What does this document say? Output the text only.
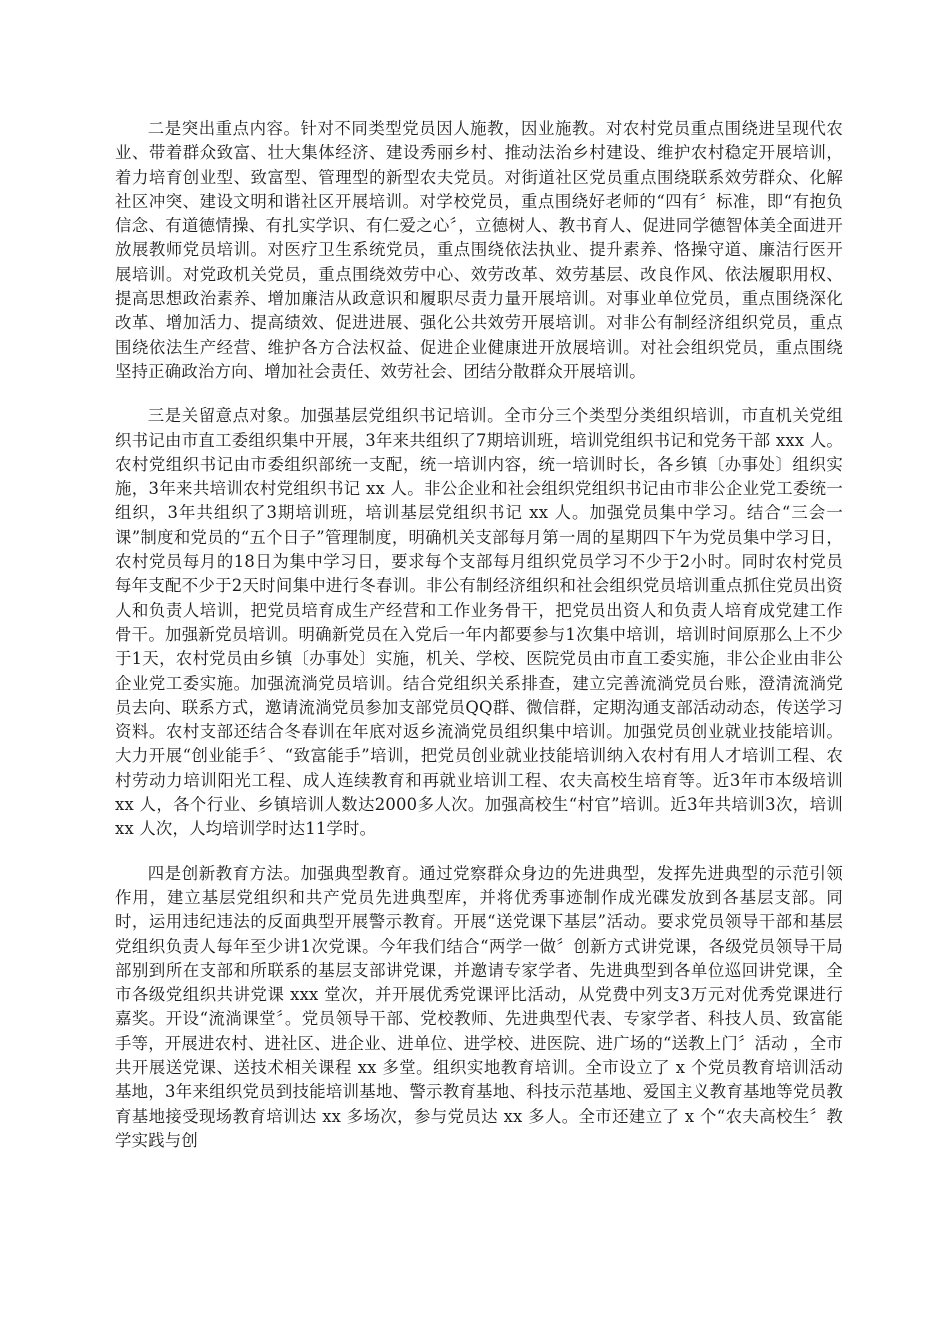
二是突出重点内容。针对不同类型党员因人施教，因业施教。对农村党员重点围绕进呈现代农业、带着群众致富、壮大集体经济、建设秀丽乡村、推动法治乡村建设、维护农村稳定开展培训，着力培育创业型、致富型、管理型的新型农夫党员。对街道社区党员重点围绕联系效劳群众、化解社区冲突、建设文明和谐社区开展培训。对学校党员，重点围绕好老师的“四有〞标准，即“有抱负信念、有道德情操、有扎实学识、有仁爱之心〞，立德树人、教书育人、促进同学德智体美全面进开放展教师党员培训。对医疗卫生系统党员，重点围绕依法执业、提升素养、恪操守道、廉洁行医开展培训。对党政机关党员，重点围绕效劳中心、效劳改革、效劳基层、改良作风、依法履职用权、提高思想政治素养、增加廉洁从政意识和履职尽责力量开展培训。对事业单位党员，重点围绕深化改革、增加活力、提高绩效、促进进展、强化公共效劳开展培训。对非公有制经济组织党员，重点围绕依法生产经营、维护各方合法权益、促进企业健康进开放展培训。对社会组织党员，重点围绕坚持正确政治方向、增加社会责任、效劳社会、团结分散群众开展培训。

三是关留意点对象。加强基层党组织书记培训。全市分三个类型分类组织培训，市直机关党组织书记由市直工委组织集中开展，3年来共组织了7期培训班，培训党组织书记和党务干部 xxx 人。农村党组织书记由市委组织部统一支配，统一培训内容，统一培训时长，各乡镇〔办事处〕组织实施，3年来共培训农村党组织书记 xx 人。非公企业和社会组织党组织书记由市非公企业党工委统一组织，3年共组织了3期培训班，培训基层党组织书记 xx 人。加强党员集中学习。结合“三会一课”制度和党员的“五个日子”管理制度，明确机关支部每月第一周的星期四下午为党员集中学习日，农村党员每月的18日为集中学习日，要求每个支部每月组织党员学习不少于2小时。同时农村党员每年支配不少于2天时间集中进行冬春训。非公有制经济组织和社会组织党员培训重点抓住党员出资人和负责人培训，把党员培育成生产经营和工作业务骨干，把党员出资人和负责人培育成党建工作骨干。加强新党员培训。明确新党员在入党后一年内都要参与1次集中培训，培训时间原那么上不少于1天，农村党员由乡镇〔办事处〕实施，机关、学校、医院党员由市直工委实施，非公企业由非公企业党工委实施。加强流淌党员培训。结合党组织关系排查，建立完善流淌党员台账，澄清流淌党员去向、联系方式，邀请流淌党员参加支部党员QQ群、微信群，定期沟通支部活动动态，传送学习资料。农村支部还结合冬春训在年底对返乡流淌党员组织集中培训。加强党员创业就业技能培训。 大力开展“创业能手〞、“致富能手”培训，把党员创业就业技能培训纳入农村有用人才培训工程、农村劳动力培训阳光工程、成人连续教育和再就业培训工程、农夫高校生培育等。近3年市本级培训 xx 人，各个行业、乡镇培训人数达2000多人次。加强高校生“村官”培训。近3年共培训3次，培训 xx 人次，人均培训学时达11学时。

四是创新教育方法。加强典型教育。通过党察群众身边的先进典型，发挥先进典型的示范引领作用，建立基层党组织和共产党员先进典型库，并将优秀事迹制作成光碟发放到各基层支部。同时，运用违纪违法的反面典型开展警示教育。开展“送党课下基层”活动。要求党员领导干部和基层党组织负责人每年至少讲1次党课。今年我们结合“两学一做〞创新方式讲党课，各级党员领导干局部别到所在支部和所联系的基层支部讲党课，并邀请专家学者、先进典型到各单位巡回讲党课，全市各级党组织共讲党课 xxx 堂次，并开展优秀党课评比活动，从党费中列支3万元对优秀党课进行嘉奖。开设“流淌课堂〞。党员领导干部、党校教师、先进典型代表、专家学者、科技人员、致富能手等，开展进农村、进社区、进企业、进单位、进学校、进医院、进广场的“送教上门〞活动 ，全市共开展送党课、送技术相关课程 xx 多堂。组织实地教育培训。全市设立了 x 个党员教育培训活动基地，3年来组织党员到技能培训基地、警示教育基地、科技示范基地、爱国主义教育基地等党员教育基地接受现场教育培训达 xx 多场次，参与党员达 xx 多人。全市还建立了 x 个“农夫高校生〞教学实践与创
